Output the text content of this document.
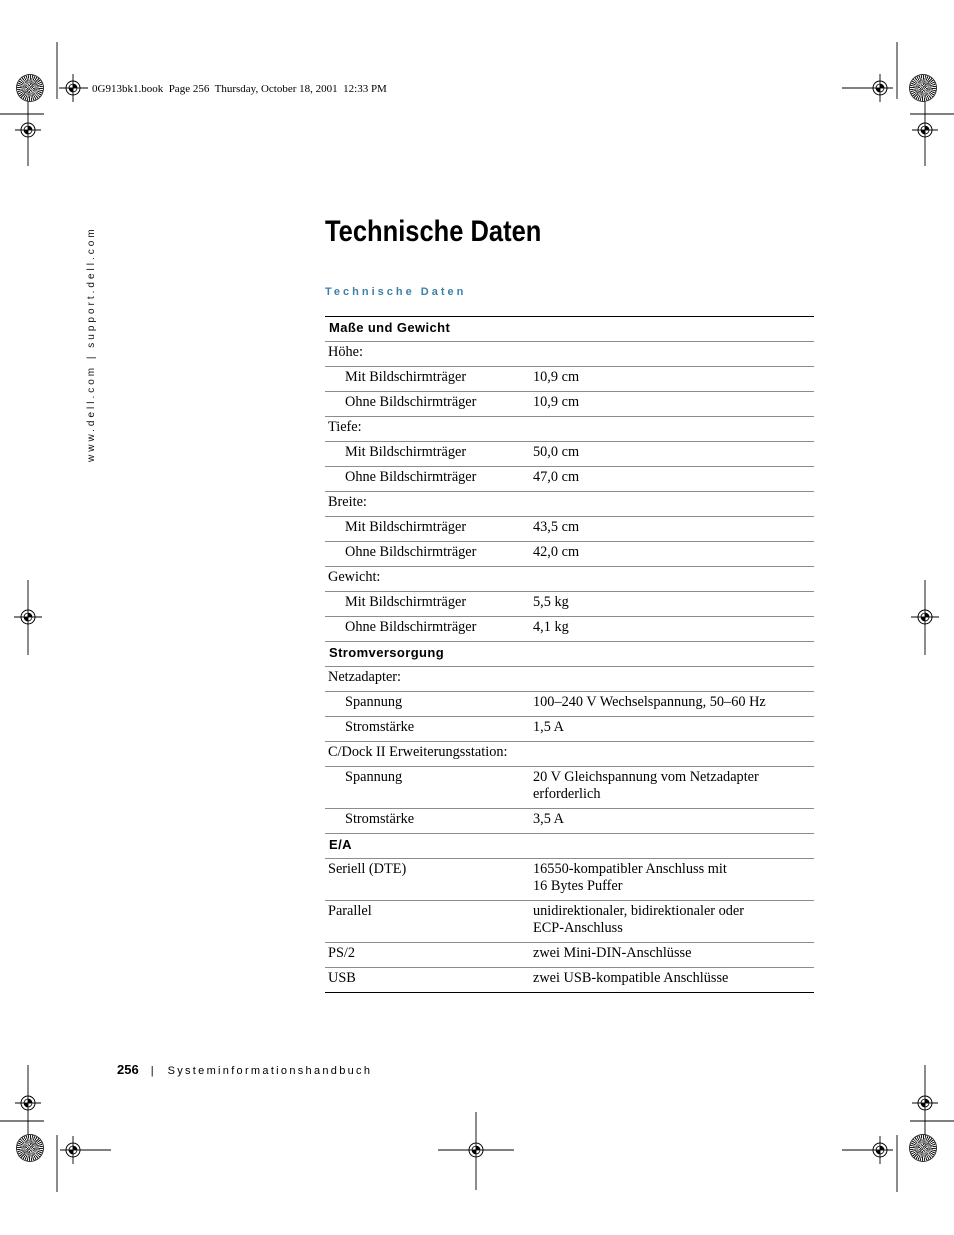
0G913bk1.book  Page 256  Thursday, October 18, 2001  12:33 PM
www.dell.com | support.dell.com	Technische Daten
Technische Daten
Maße und Gewicht
Höhe:
Mit Bildschirmträger	10,9 cm
Ohne Bildschirmträger	10,9 cm
Tiefe:
Mit Bildschirmträger	50,0 cm
Ohne Bildschirmträger	47,0 cm
Breite:
Mit Bildschirmträger	43,5 cm
Ohne Bildschirmträger	42,0 cm
Gewicht:
Mit Bildschirmträger	5,5 kg
Ohne Bildschirmträger	4,1 kg
Stromversorgung
Netzadapter:
Spannung	100–240 V Wechselspannung, 50–60 Hz
Stromstärke	1,5 A
C/Dock II Erweiterungsstation:
Spannung	20 V Gleichspannung vom Netzadapter
erforderlich
Stromstärke	3,5 A
E/A
Seriell (DTE)	16550-kompatibler Anschluss mit
16 Bytes Puffer
Parallel	unidirektionaler, bidirektionaler oder
ECP-Anschluss
PS/2	zwei Mini-DIN-Anschlüsse
USB	zwei USB-kompatible Anschlüsse
256 | Systeminformationshandbuch
